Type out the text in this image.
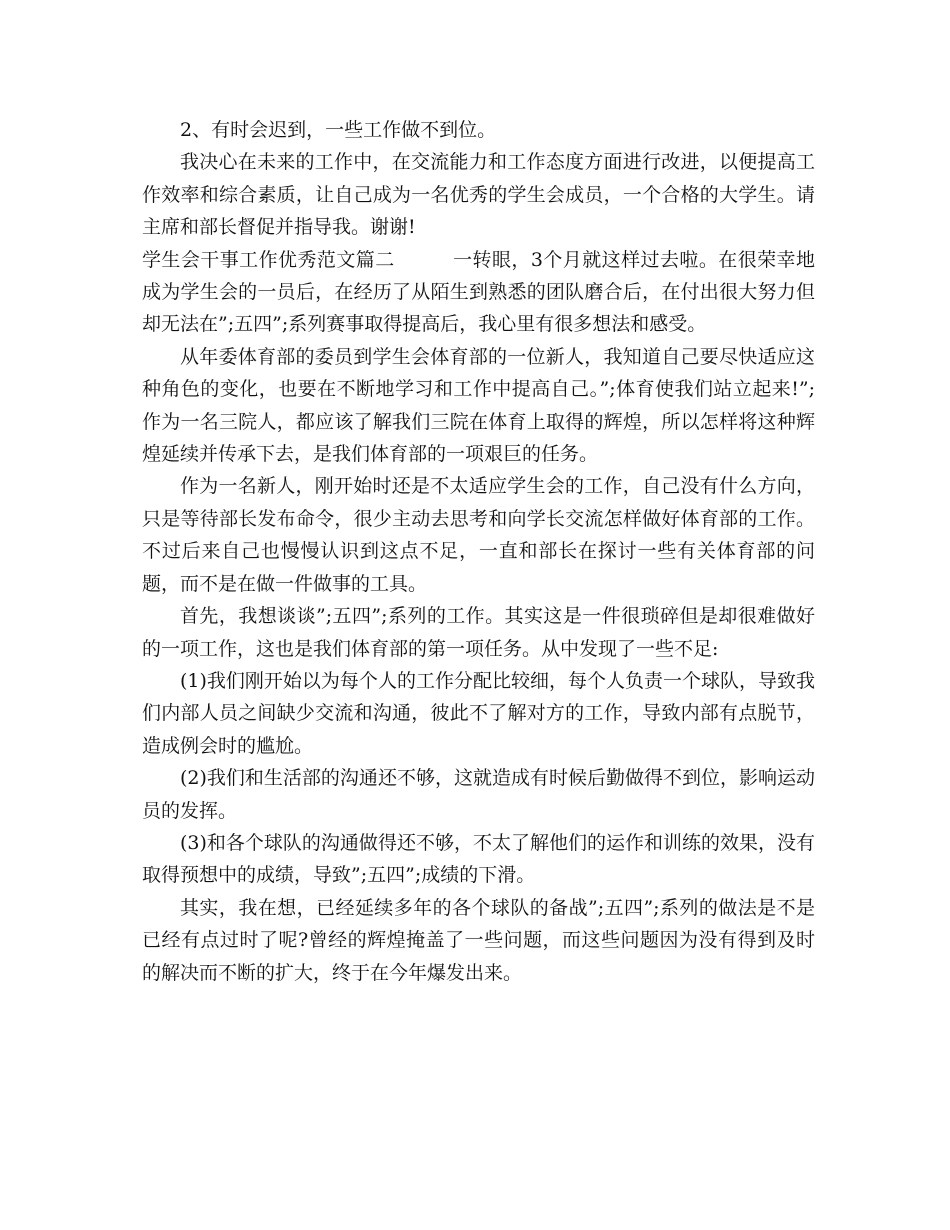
2、有时会迟到，一些工作做不到位。

我决心在未来的工作中，在交流能力和工作态度方面进行改进，以便提高工作效率和综合素质，让自己成为一名优秀的学生会成员，一个合格的大学生。请主席和部长督促并指导我。谢谢!

学生会干事工作优秀范文篇二	一转眼，3个月就这样过去啦。在很荣幸地成为学生会的一员后，在经历了从陌生到熟悉的团队磨合后，在付出很大努力但却无法在”;五四”;系列赛事取得提高后，我心里有很多想法和感受。

从年委体育部的委员到学生会体育部的一位新人，我知道自己要尽快适应这种角色的变化，也要在不断地学习和工作中提高自己。”;体育使我们站立起来!”;作为一名三院人，都应该了解我们三院在体育上取得的辉煌，所以怎样将这种辉煌延续并传承下去，是我们体育部的一项艰巨的任务。

作为一名新人，刚开始时还是不太适应学生会的工作，自己没有什么方向，只是等待部长发布命令，很少主动去思考和向学长交流怎样做好体育部的工作。不过后来自己也慢慢认识到这点不足，一直和部长在探讨一些有关体育部的问题，而不是在做一件做事的工具。

首先，我想谈谈”;五四”;系列的工作。其实这是一件很琐碎但是却很难做好的一项工作，这也是我们体育部的第一项任务。从中发现了一些不足:

(1)我们刚开始以为每个人的工作分配比较细，每个人负责一个球队，导致我们内部人员之间缺少交流和沟通，彼此不了解对方的工作，导致内部有点脱节，造成例会时的尴尬。

(2)我们和生活部的沟通还不够，这就造成有时候后勤做得不到位，影响运动员的发挥。

(3)和各个球队的沟通做得还不够，不太了解他们的运作和训练的效果，没有取得预想中的成绩，导致”;五四”;成绩的下滑。

其实，我在想，已经延续多年的各个球队的备战”;五四”;系列的做法是不是已经有点过时了呢?曾经的辉煌掩盖了一些问题，而这些问题因为没有得到及时的解决而不断的扩大，终于在今年爆发出来。
